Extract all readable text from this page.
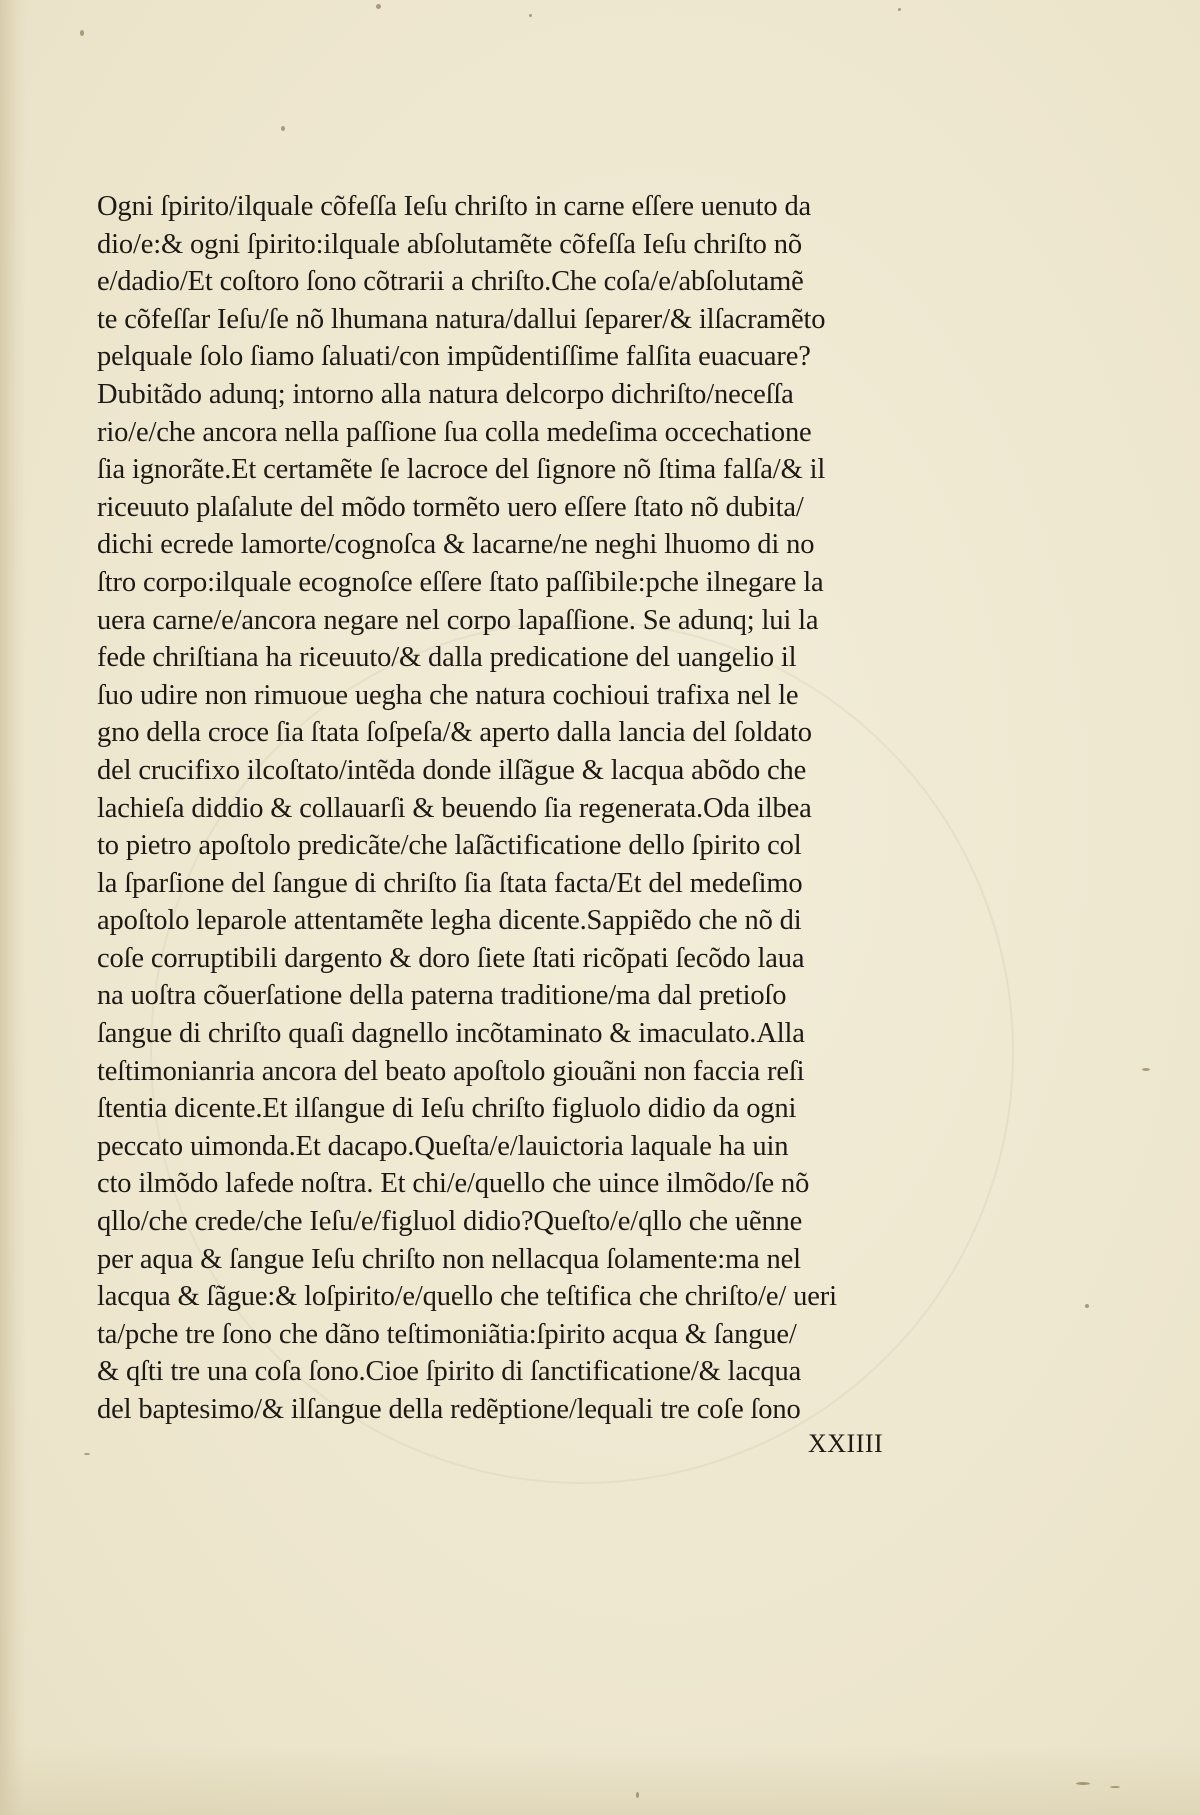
Ogni ſpirito/ilquale cõfeſſa Ieſu chriſto in carne eſſere uenuto da
dio/e:& ogni ſpirito:ilquale abſolutamẽte cõfeſſa Ieſu chriſto nõ
e/dadio/Et coſtoro ſono cõtrarii a chriſto.Che coſa/e/abſolutamẽ
te cõfeſſar Ieſu/ſe nõ lhumana natura/dallui ſeparer/& ilſacramẽto
pelquale ſolo ſiamo ſaluati/con impũdentiſſime falſita euacuare?
Dubitãdo adunq; intorno alla natura delcorpo dichriſto/neceſſa
rio/e/che ancora nella paſſione ſua colla medeſima occechatione
ſia ignorãte.Et certamẽte ſe lacroce del ſignore nõ ſtima falſa/& il
riceuuto plaſalute del mõdo tormẽto uero eſſere ſtato nõ dubita/
dichi ecrede lamorte/cognoſca & lacarne/ne neghi lhuomo di no
ſtro corpo:ilquale ecognoſce eſſere ſtato paſſibile:pche ilnegare la
uera carne/e/ancora negare nel corpo lapaſſione. Se adunq; lui la
fede chriſtiana ha riceuuto/& dalla predicatione del uangelio il
ſuo udire non rimuoue uegha che natura cochioui trafixa nel le
gno della croce ſia ſtata ſoſpeſa/& aperto dalla lancia del ſoldato
del crucifixo ilcoſtato/intẽda donde ilſãgue & lacqua abõdo che
lachieſa diddio & collauarſi & beuendo ſia regenerata.Oda ilbea
to pietro apoſtolo predicãte/che laſãctificatione dello ſpirito col
la ſparſione del ſangue di chriſto ſia ſtata facta/Et del medeſimo
apoſtolo leparole attentamẽte legha dicente.Sappiẽdo che nõ di
coſe corruptibili dargento & doro ſiete ſtati ricõpati ſecõdo laua
na uoſtra cõuerſatione della paterna traditione/ma dal pretioſo
ſangue di chriſto quaſi dagnello incõtaminato & imaculato.Alla
teſtimonianria ancora del beato apoſtolo giouãni non faccia reſi
ſtentia dicente.Et ilſangue di Ieſu chriſto figluolo didio da ogni
peccato uimonda.Et dacapo.Queſta/e/lauictoria laquale ha uin
cto ilmõdo lafede noſtra. Et chi/e/quello che uince ilmõdo/ſe nõ
qllo/che crede/che Ieſu/e/figluol didio?Queſto/e/qllo che uẽnne
per aqua & ſangue Ieſu chriſto non nellacqua ſolamente:ma nel
lacqua & ſãgue:& loſpirito/e/quello che teſtifica che chriſto/e/ ueri
ta/pche tre ſono che dãno teſtimoniãtia:ſpirito acqua & ſangue/
& qſti tre una coſa ſono.Cioe ſpirito di ſanctificatione/& lacqua
del baptesimo/& ilſangue della redẽptione/lequali tre coſe ſono
XXIIII
